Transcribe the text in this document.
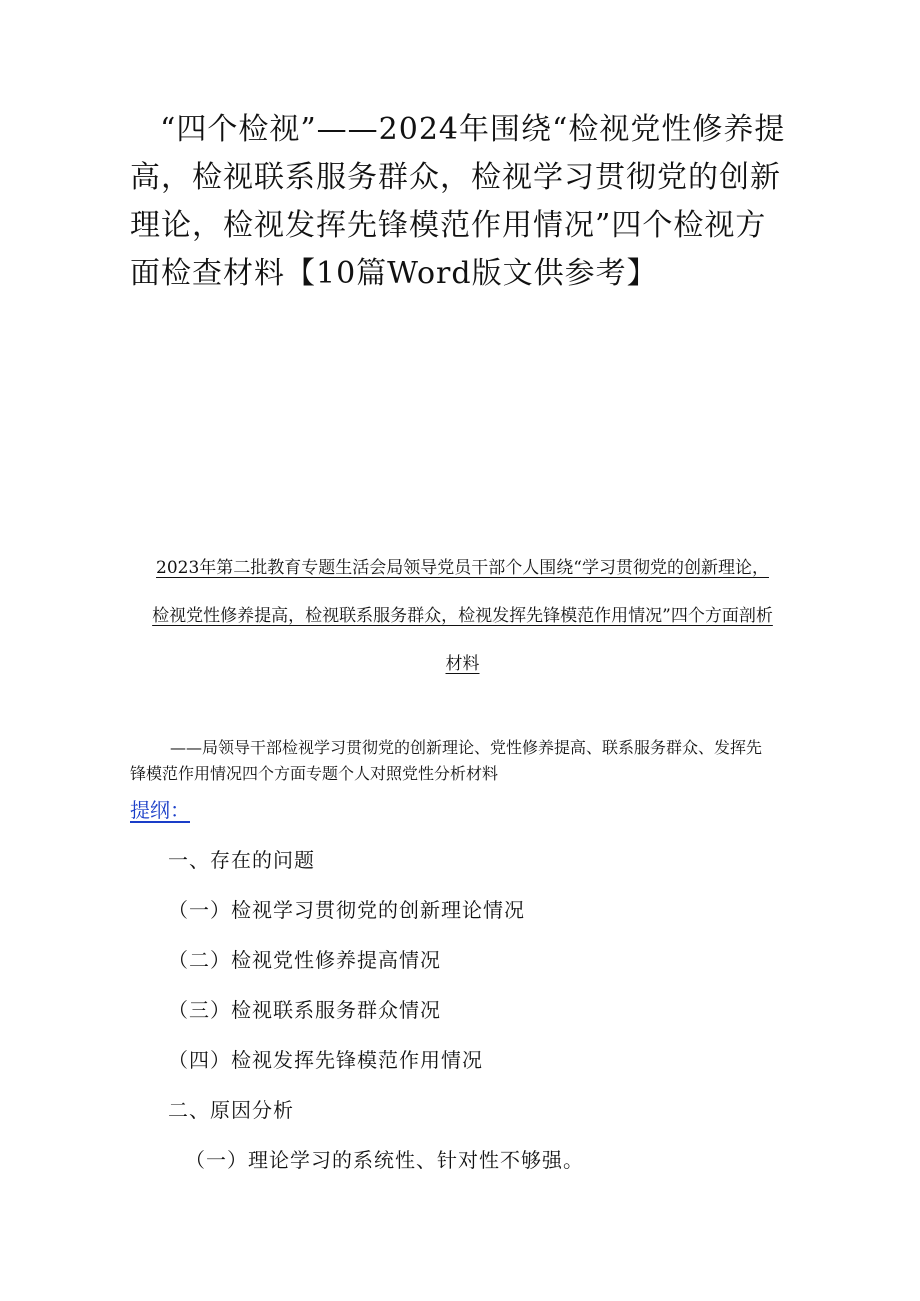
“四个检视”——2024年围绕“检视党性修养提高，检视联系服务群众，检视学习贯彻党的创新理论，检视发挥先锋模范作用情况”四个检视方面检查材料【10篇Word版文供参考】
2023年第二批教育专题生活会局领导党员干部个人围绕“学习贯彻党的创新理论，检视党性修养提高，检视联系服务群众，检视发挥先锋模范作用情况”四个方面剖析材料

——局领导干部检视学习贯彻党的创新理论、党性修养提高、联系服务群众、发挥先锋模范作用情况四个方面专题个人对照党性分析材料

提纲：

一、存在的问题
（一）检视学习贯彻党的创新理论情况
（二）检视党性修养提高情况
（三）检视联系服务群众情况
（四）检视发挥先锋模范作用情况
二、原因分析
（一）理论学习的系统性、针对性不够强。
